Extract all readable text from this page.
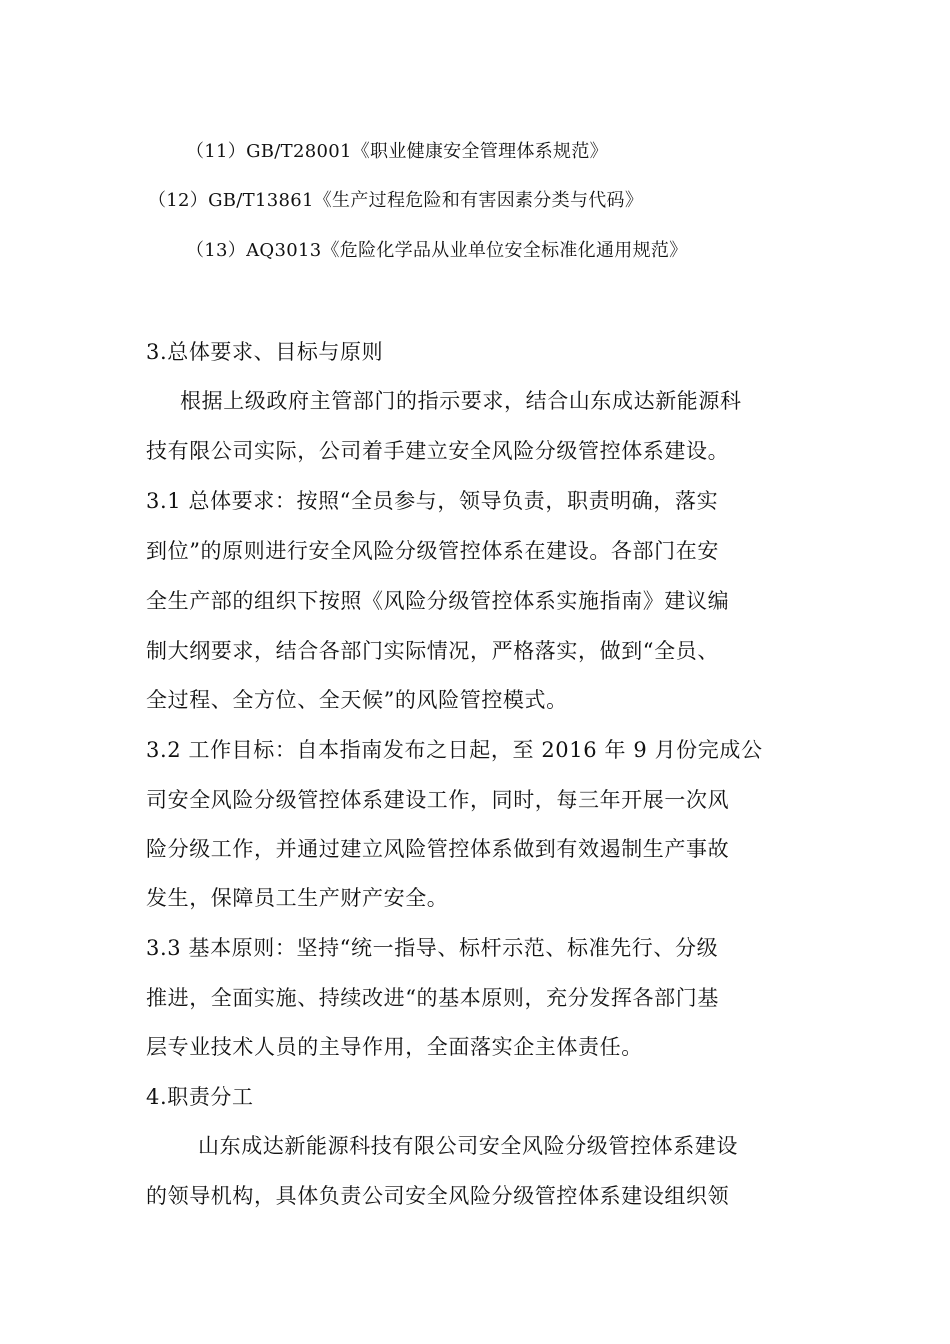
（11）GB/T28001《职业健康安全管理体系规范》
（12）GB/T13861《生产过程危险和有害因素分类与代码》
（13）AQ3013《危险化学品从业单位安全标准化通用规范》
3.总体要求、目标与原则
根据上级政府主管部门的指示要求，结合山东成达新能源科
技有限公司实际，公司着手建立安全风险分级管控体系建设。
3.1 总体要求：按照“全员参与，领导负责，职责明确，落实
到位”的原则进行安全风险分级管控体系在建设。各部门在安
全生产部的组织下按照《风险分级管控体系实施指南》建议编
制大纲要求，结合各部门实际情况，严格落实，做到“全员、
全过程、全方位、全天候”的风险管控模式。
3.2 工作目标：自本指南发布之日起，至 2016 年 9 月份完成公
司安全风险分级管控体系建设工作，同时，每三年开展一次风
险分级工作，并通过建立风险管控体系做到有效遏制生产事故
发生，保障员工生产财产安全。
3.3 基本原则：坚持“统一指导、标杆示范、标准先行、分级
推进，全面实施、持续改进“的基本原则，充分发挥各部门基
层专业技术人员的主导作用，全面落实企主体责任。
4.职责分工
山东成达新能源科技有限公司安全风险分级管控体系建设
的领导机构，具体负责公司安全风险分级管控体系建设组织领
